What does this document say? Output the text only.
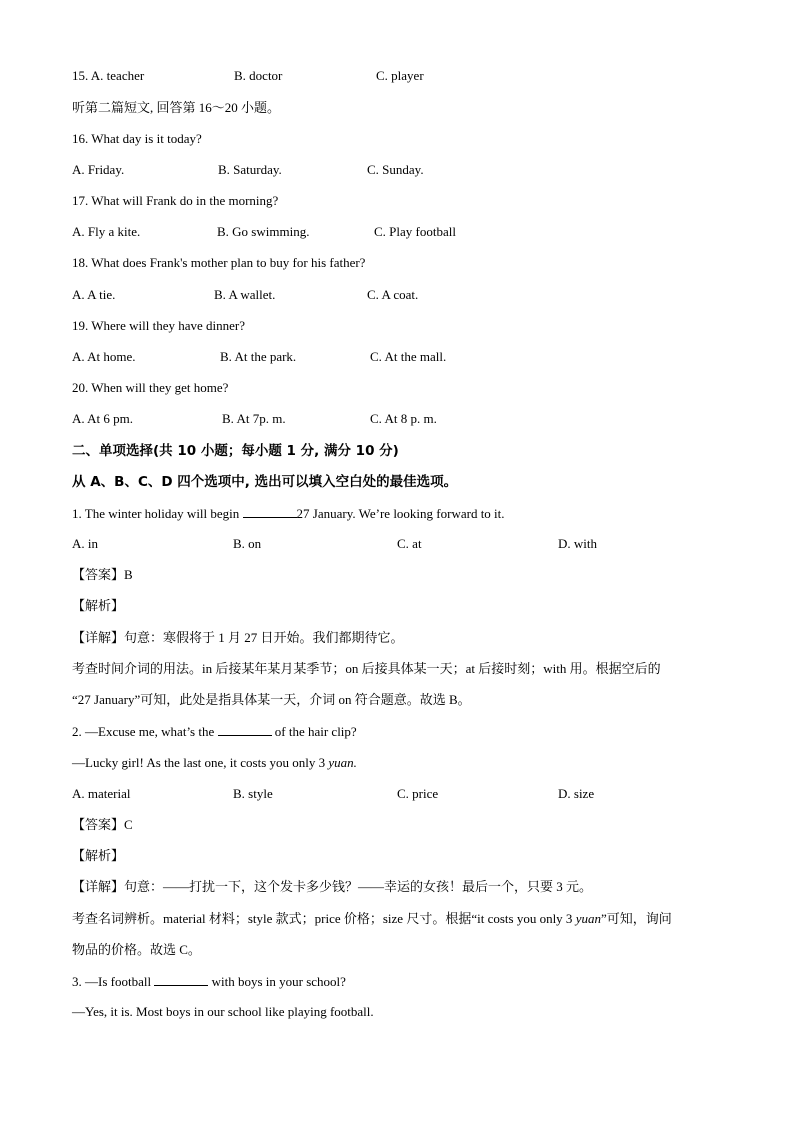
15. A. teacher	B. doctor	C. player
听第二篇短文, 回答第 16～20 小题。
16. What day is it today?
A. Friday.	B. Saturday.	C. Sunday.
17. What will Frank do in the morning?
A. Fly a kite.	B. Go swimming.	C. Play football
18. What does Frank's mother plan to buy for his father?
A. A tie.	B. A wallet.	C. A coat.
19. Where will they have dinner?
A. At home.	B. At the park.	C. At the mall.
20. When will they get home?
A. At 6 pm.	B. At 7p. m.	C. At 8 p. m.
二、单项选择(共 10 小题；每小题 1 分, 满分 10 分)
从 A、B、C、D 四个选项中, 选出可以填入空白处的最佳选项。
1. The winter holiday will begin	27 January. We’re looking forward to it.
A. in	B. on	C. at	D. with
【答案】B
【解析】
【详解】句意：寒假将于 1 月 27 日开始。我们都期待它。
考查时间介词的用法。in 后接某年某月某季节；on 后接具体某一天；at 后接时刻；with 用。根据空后的
“27 January”可知，此处是指具体某一天，介词 on 符合题意。故选 B。
2. —Excuse me, what’s the	of the hair clip?
—Lucky girl! As the last one, it costs you only 3 yuan.
A. material	B. style	C. price	D. size
【答案】C
【解析】
【详解】句意：——打扰一下，这个发卡多少钱？——幸运的女孩！最后一个，只要 3 元。
考查名词辨析。material 材料；style 款式；price 价格；size 尺寸。根据“it costs you only 3 yuan”可知，询问
物品的价格。故选 C。
3. —Is football	with boys in your school?
—Yes, it is. Most boys in our school like playing football.
